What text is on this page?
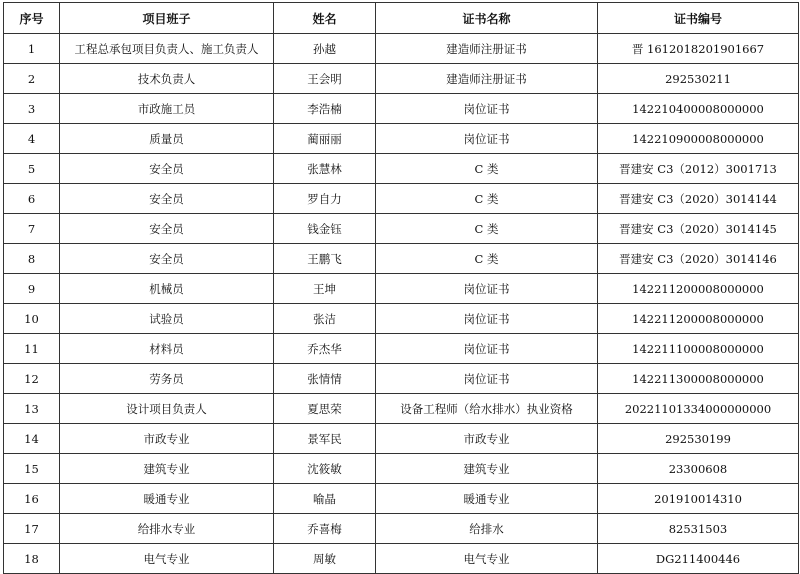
序号	项目班子	姓名	证书名称	证书编号
1	工程总承包项目负责人、施工负责人	孙越	建造师注册证书	晋 1612018201901667
2	技术负责人	王会明	建造师注册证书	292530211
3	市政施工员	李浩楠	岗位证书	142210400008000000
4	质量员	蔺丽丽	岗位证书	142210900008000000
5	安全员	张慧林	C 类	晋建安 C3（2012）3001713
6	安全员	罗自力	C 类	晋建安 C3（2020）3014144
7	安全员	钱金钰	C 类	晋建安 C3（2020）3014145
8	安全员	王鹏飞	C 类	晋建安 C3（2020）3014146
9	机械员	王坤	岗位证书	142211200008000000
10	试验员	张洁	岗位证书	142211200008000000
11	材料员	乔杰华	岗位证书	142211100008000000
12	劳务员	张情情	岗位证书	142211300008000000
13	设计项目负责人	夏思荣	设备工程师（给水排水）执业资格	20221101334000000000
14	市政专业	景军民	市政专业	292530199
15	建筑专业	沈筱敏	建筑专业	23300608
16	暖通专业	喻晶	暖通专业	201910014310
17	给排水专业	乔喜梅	给排水	82531503
18	电气专业	周敏	电气专业	DG211400446
